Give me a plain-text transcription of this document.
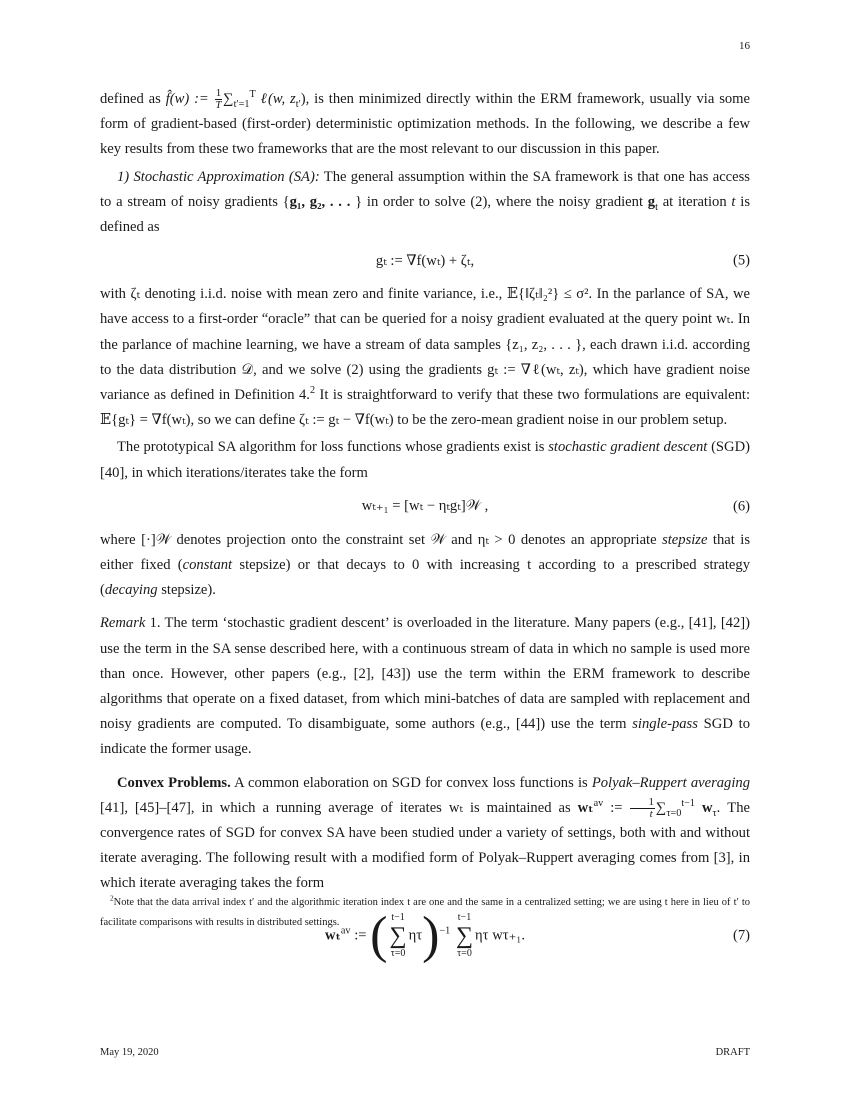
16

defined as f̂(w) := $\frac{1}{T} \sum_{t'=1}^T$ ℓ(w, $z_{t'}$), is then minimized directly within the ERM framework, usually via some form of gradient-based (first-order) deterministic optimization methods. In the following, we describe a few key results from these two frameworks that are the most relevant to our discussion in this paper.

1) Stochastic Approximation (SA): The general assumption within the SA framework is that one has access to a stream of noisy gradients {g₁, g₂, . . . } in order to solve (2), where the noisy gradient $g_t$ at iteration t is defined as

gₜ := ∇f(wₜ) + ζₜ,	(5)

with ζₜ denoting i.i.d. noise with mean zero and finite variance, i.e., 𝔼{‖ζₜ‖₂²} ≤ σ². In the parlance of SA, we have access to a first-order “oracle” that can be queried for a noisy gradient evaluated at the query point wₜ. In the parlance of machine learning, we have a stream of data samples {z₁, z₂, . . . }, each drawn i.i.d. according to the data distribution 𝒟, and we solve (2) using the gradients gₜ := ∇ℓ(wₜ, zₜ), which have gradient noise variance as defined in Definition 4.$^2$ It is straightforward to verify that these two formulations are equivalent: 𝔼{gₜ} = ∇f(wₜ), so we can define ζₜ := gₜ − ∇f(wₜ) to be the zero-mean gradient noise in our problem setup.

The prototypical SA algorithm for loss functions whose gradients exist is stochastic gradient descent (SGD) [40], in which iterations/iterates take the form

wₜ₊₁ = [wₜ − ηₜgₜ]𝒲 ,	(6)

where [·]𝒲 denotes projection onto the constraint set 𝒲 and ηₜ > 0 denotes an appropriate stepsize that is either fixed (constant stepsize) or that decays to 0 with increasing t according to a prescribed strategy (decaying stepsize).

Remark 1. The term ‘stochastic gradient descent’ is overloaded in the literature. Many papers (e.g., [41], [42]) use the term in the SA sense described here, with a continuous stream of data in which no sample is used more than once. However, other papers (e.g., [2], [43]) use the term within the ERM framework to describe algorithms that operate on a fixed dataset, from which mini-batches of data are sampled with replacement and noisy gradients are computed. To disambiguate, some authors (e.g., [44]) use the term single-pass SGD to indicate the former usage.

Convex Problems. A common elaboration on SGD for convex loss functions is Polyak–Ruppert averaging [41], [45]–[47], in which a running average of iterates wₜ is maintained as wₜ$^{av}$ := $\frac{1}{t} \sum_{\tau=0}^{t-1}$ $w_\tau$. The convergence rates of SGD for convex SA have been studied under a variety of settings, both with and without iterate averaging. The following result with a modified form of Polyak–Ruppert averaging comes from [3], in which iterate averaging takes the form

wₜ$^{av}$ := ( t−1
∑
τ=0
ητ)$^{-1}$
t−1
∑
τ=0
ητ wτ₊₁.	(7)
$^2$Note that the data arrival index t′ and the algorithmic iteration index t are one and the same in a centralized setting; we are using t here in lieu of t′ to facilitate comparisons with results in distributed settings.
May 19, 2020	DRAFT
